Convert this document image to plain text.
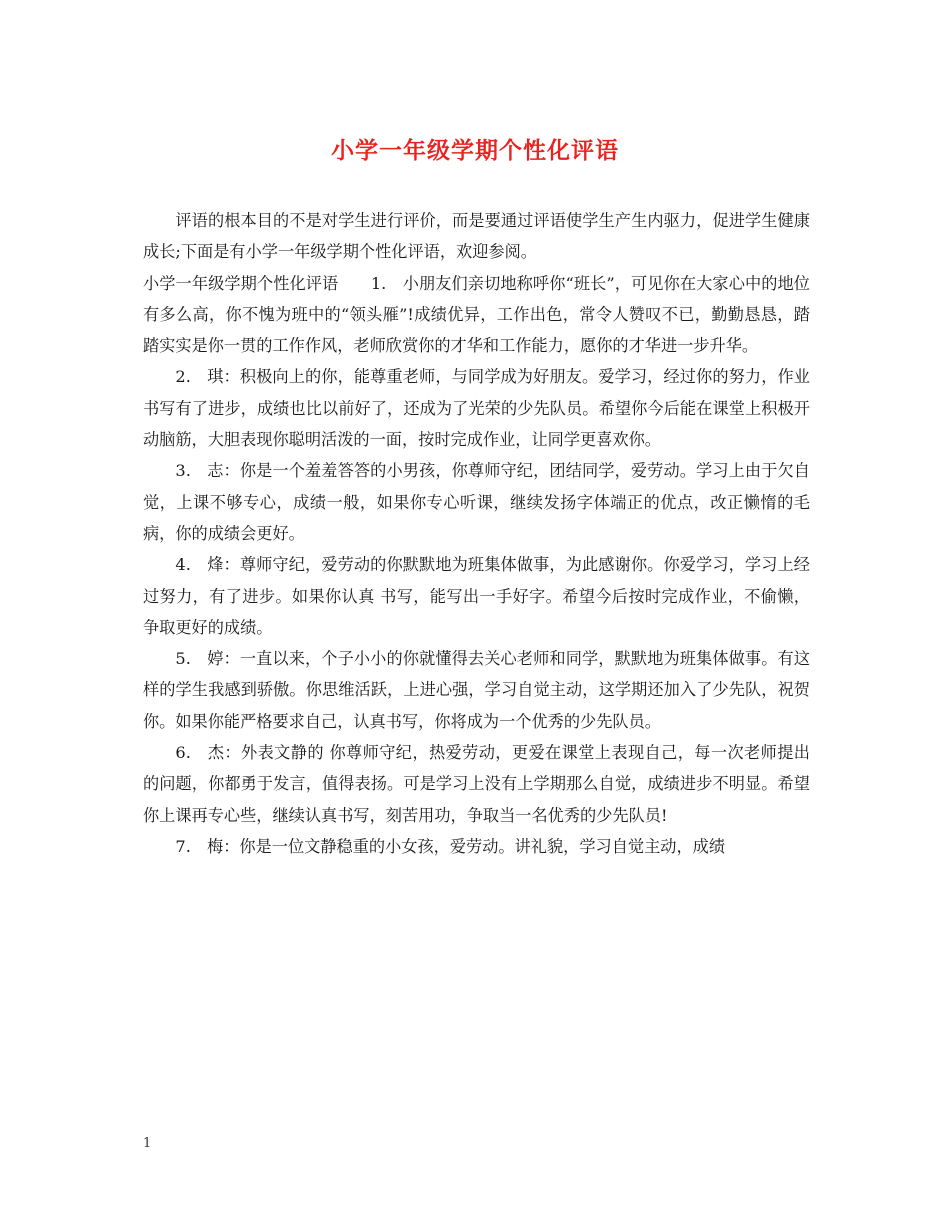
小学一年级学期个性化评语

评语的根本目的不是对学生进行评价，而是要通过评语使学生产生内驱力，促进学生健康成长;下面是有小学一年级学期个性化评语，欢迎参阅。

小学一年级学期个性化评语　　1.　小朋友们亲切地称呼你“班长”，可见你在大家心中的地位有多么高，你不愧为班中的“领头雁”!成绩优异，工作出色，常令人赞叹不已，勤勤恳恳，踏踏实实是你一贯的工作作风，老师欣赏你的才华和工作能力，愿你的才华进一步升华。

2.　琪：积极向上的你，能尊重老师，与同学成为好朋友。爱学习，经过你的努力，作业书写有了进步，成绩也比以前好了，还成为了光荣的少先队员。希望你今后能在课堂上积极开动脑筋，大胆表现你聪明活泼的一面，按时完成作业，让同学更喜欢你。

3.　志：你是一个羞羞答答的小男孩，你尊师守纪，团结同学，爱劳动。学习上由于欠自觉，上课不够专心，成绩一般，如果你专心听课，继续发扬字体端正的优点，改正懒惰的毛病，你的成绩会更好。

4.　烽：尊师守纪，爱劳动的你默默地为班集体做事，为此感谢你。你爱学习，学习上经过努力，有了进步。如果你认真 书写，能写出一手好字。希望今后按时完成作业，不偷懒，争取更好的成绩。

5.　婷：一直以来，个子小小的你就懂得去关心老师和同学，默默地为班集体做事。有这样的学生我感到骄傲。你思维活跃，上进心强，学习自觉主动，这学期还加入了少先队，祝贺你。如果你能严格要求自己，认真书写，你将成为一个优秀的少先队员。

6.　杰：外表文静的 你尊师守纪，热爱劳动，更爱在课堂上表现自己，每一次老师提出的问题，你都勇于发言，值得表扬。可是学习上没有上学期那么自觉，成绩进步不明显。希望你上课再专心些，继续认真书写，刻苦用功，争取当一名优秀的少先队员!

7.　梅：你是一位文静稳重的小女孩，爱劳动。讲礼貌，学习自觉主动，成绩

1
